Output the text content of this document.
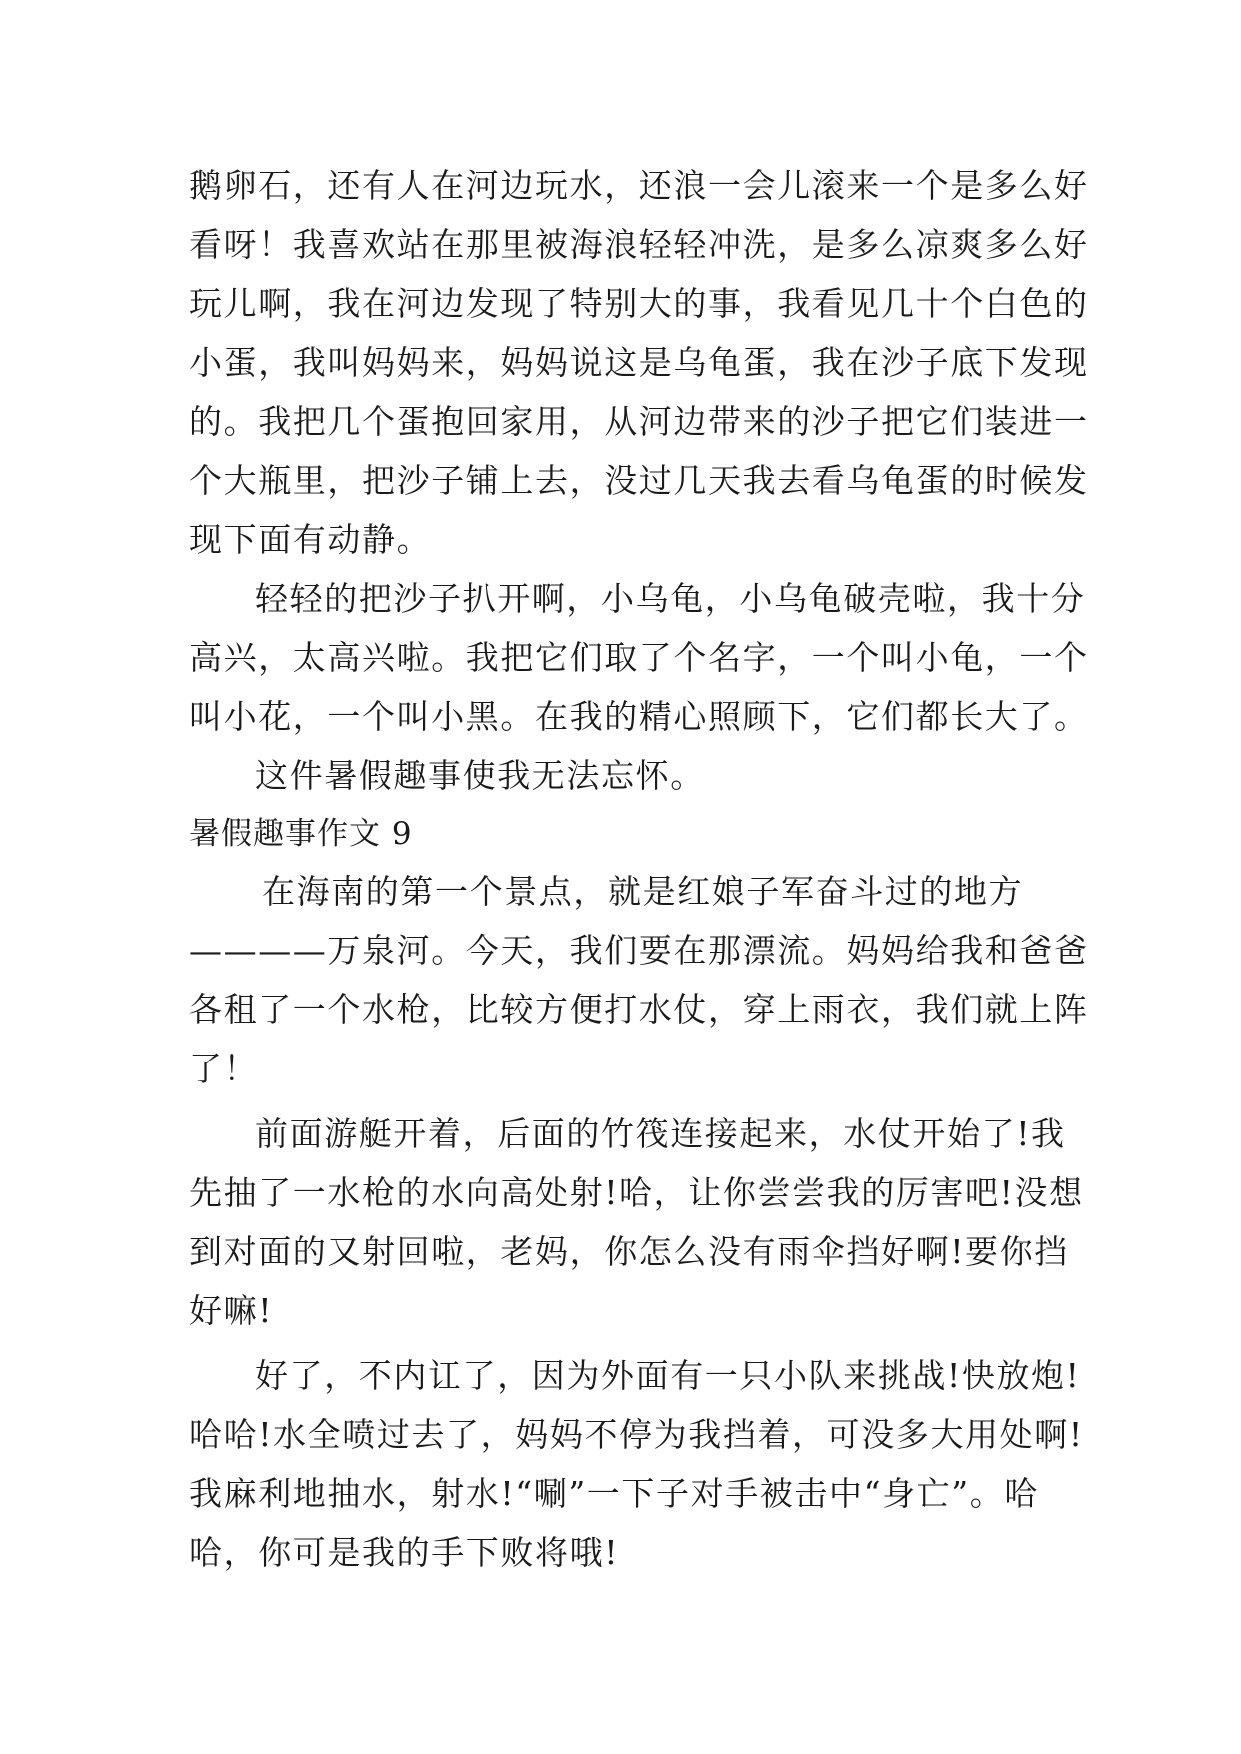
鹅卵石，还有人在河边玩水，还浪一会儿滚来一个是多么好
看呀！我喜欢站在那里被海浪轻轻冲洗，是多么凉爽多么好
玩儿啊，我在河边发现了特别大的事，我看见几十个白色的
小蛋，我叫妈妈来，妈妈说这是乌龟蛋，我在沙子底下发现
的。我把几个蛋抱回家用，从河边带来的沙子把它们装进一
个大瓶里，把沙子铺上去，没过几天我去看乌龟蛋的时候发
现下面有动静。
轻轻的把沙子扒开啊，小乌龟，小乌龟破壳啦，我十分
高兴，太高兴啦。我把它们取了个名字，一个叫小龟，一个
叫小花，一个叫小黑。在我的精心照顾下，它们都长大了。
这件暑假趣事使我无法忘怀。
暑假趣事作文 9
在海南的第一个景点，就是红娘子军奋斗过的地方
————万泉河。今天，我们要在那漂流。妈妈给我和爸爸
各租了一个水枪，比较方便打水仗，穿上雨衣，我们就上阵
了！
前面游艇开着，后面的竹筏连接起来，水仗开始了!我
先抽了一水枪的水向高处射!哈，让你尝尝我的厉害吧!没想
到对面的又射回啦，老妈，你怎么没有雨伞挡好啊!要你挡
好嘛!
好了，不内讧了，因为外面有一只小队来挑战!快放炮!
哈哈!水全喷过去了，妈妈不停为我挡着，可没多大用处啊!
我麻利地抽水，射水!“唰”一下子对手被击中“身亡”。哈
哈，你可是我的手下败将哦!
